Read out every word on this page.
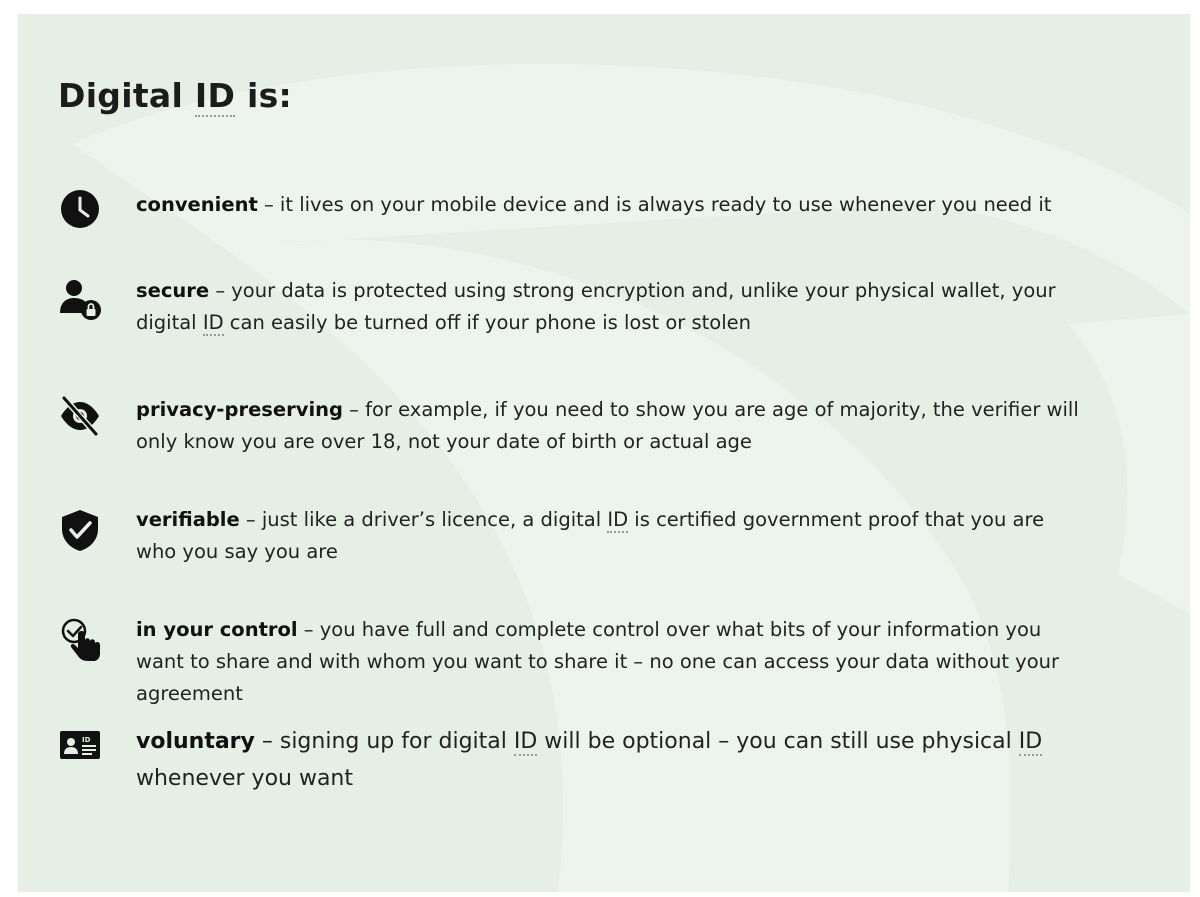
Digital ID is:

convenient – it lives on your mobile device and is always ready to use whenever you need it

secure – your data is protected using strong encryption and, unlike your physical wallet, your digital ID can easily be turned off if your phone is lost or stolen

privacy-preserving – for example, if you need to show you are age of majority, the verifier will only know you are over 18, not your date of birth or actual age

verifiable – just like a driver’s licence, a digital ID is certified government proof that you are who you say you are

in your control – you have full and complete control over what bits of your information you want to share and with whom you want to share it – no one can access your data without your agreement

ID voluntary – signing up for digital ID will be optional – you can still use physical ID whenever you want
